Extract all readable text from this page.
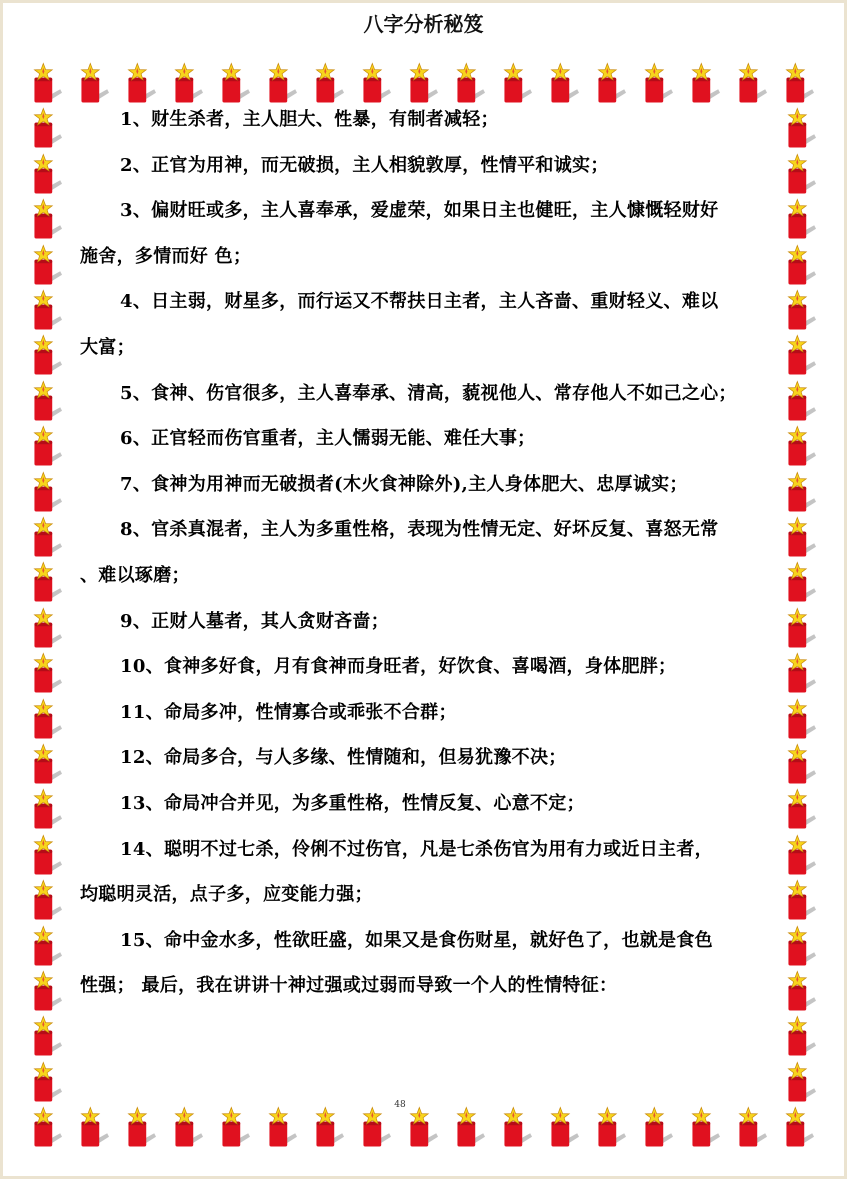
八字分析秘笈
1、财生杀者，主人胆大、性暴，有制者减轻；
2、正官为用神，而无破损，主人相貌敦厚，性情平和诚实；
3、偏财旺或多，主人喜奉承，爱虚荣，如果日主也健旺，主人慷慨轻财好
施舍，多情而好 色；
4、日主弱，财星多，而行运又不帮扶日主者，主人吝啬、重财轻义、难以
大富；
5、食神、伤官很多，主人喜奉承、清高，藐视他人、常存他人不如己之心；
6、正官轻而伤官重者，主人懦弱无能、难任大事；
7、食神为用神而无破损者(木火食神除外),主人身体肥大、忠厚诚实；
8、官杀真混者，主人为多重性格，表现为性情无定、好坏反复、喜怒无常
、难以琢磨；
9、正财人墓者，其人贪财吝啬；
10、食神多好食，月有食神而身旺者，好饮食、喜喝酒，身体肥胖；
11、命局多冲，性情寡合或乖张不合群；
12、命局多合，与人多缘、性情随和，但易犹豫不决；
13、命局冲合并见，为多重性格，性情反复、心意不定；
14、聪明不过七杀，伶俐不过伤官，凡是七杀伤官为用有力或近日主者，
均聪明灵活，点子多，应变能力强；
15、命中金水多，性欲旺盛，如果又是食伤财星，就好色了，也就是食色
性强； 最后，我在讲讲十神过强或过弱而导致一个人的性情特征：
48
